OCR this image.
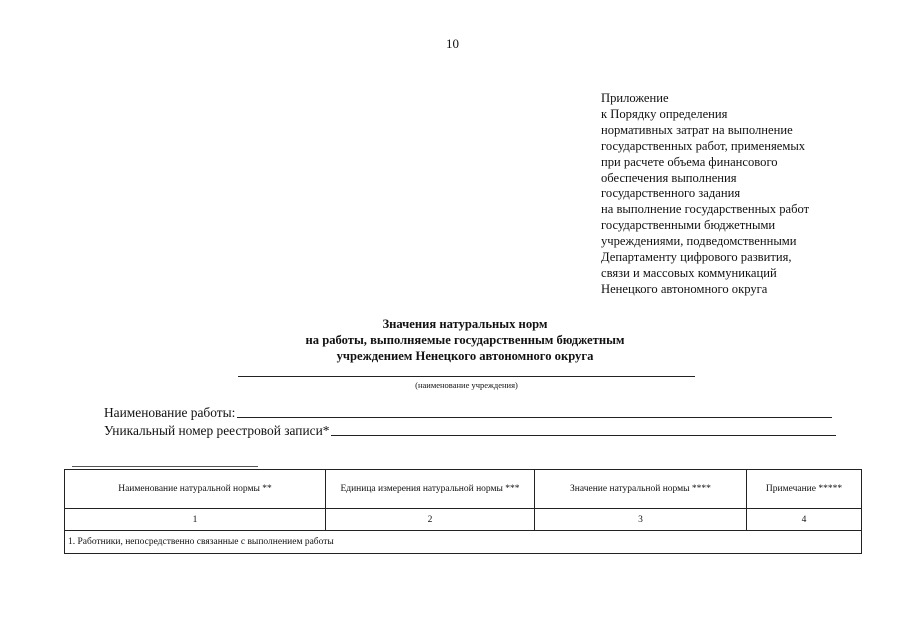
10
Приложение
к Порядку определения
нормативных затрат на выполнение
государственных работ, применяемых
при расчете объема финансового
обеспечения выполнения
государственного задания
на выполнение государственных работ
государственными бюджетными
учреждениями, подведомственными
Департаменту цифрового развития,
связи и массовых коммуникаций
Ненецкого автономного округа
Значения натуральных норм
на работы, выполняемые государственным бюджетным
учреждением Ненецкого автономного округа
(наименование учреждения)
Наименование работы:
Уникальный номер реестровой записи*
Наименование натуральной нормы **	Единица измерения натуральной нормы ***	Значение натуральной нормы ****	Примечание *****
1	2	3	4
1. Работники, непосредственно связанные с выполнением работы			
